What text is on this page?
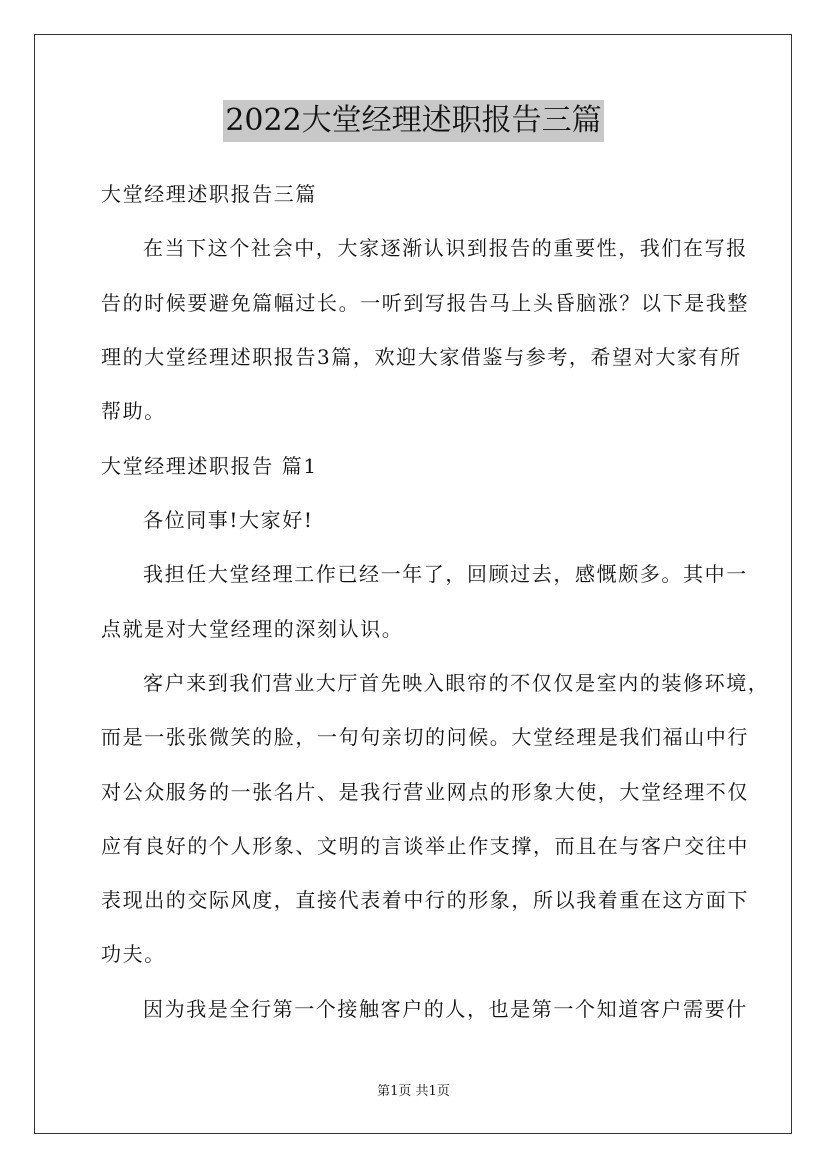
2022大堂经理述职报告三篇
大堂经理述职报告三篇
在当下这个社会中，大家逐渐认识到报告的重要性，我们在写报
告的时候要避免篇幅过长。一听到写报告马上头昏脑涨？以下是我整
理的大堂经理述职报告3篇，欢迎大家借鉴与参考，希望对大家有所
帮助。
大堂经理述职报告 篇1
各位同事!大家好!
我担任大堂经理工作已经一年了，回顾过去，感慨颇多。其中一
点就是对大堂经理的深刻认识。
客户来到我们营业大厅首先映入眼帘的不仅仅是室内的装修环境，
而是一张张微笑的脸，一句句亲切的问候。大堂经理是我们福山中行
对公众服务的一张名片、是我行营业网点的形象大使，大堂经理不仅
应有良好的个人形象、文明的言谈举止作支撑，而且在与客户交往中
表现出的交际风度，直接代表着中行的形象，所以我着重在这方面下
功夫。
因为我是全行第一个接触客户的人，也是第一个知道客户需要什
第1页 共1页
